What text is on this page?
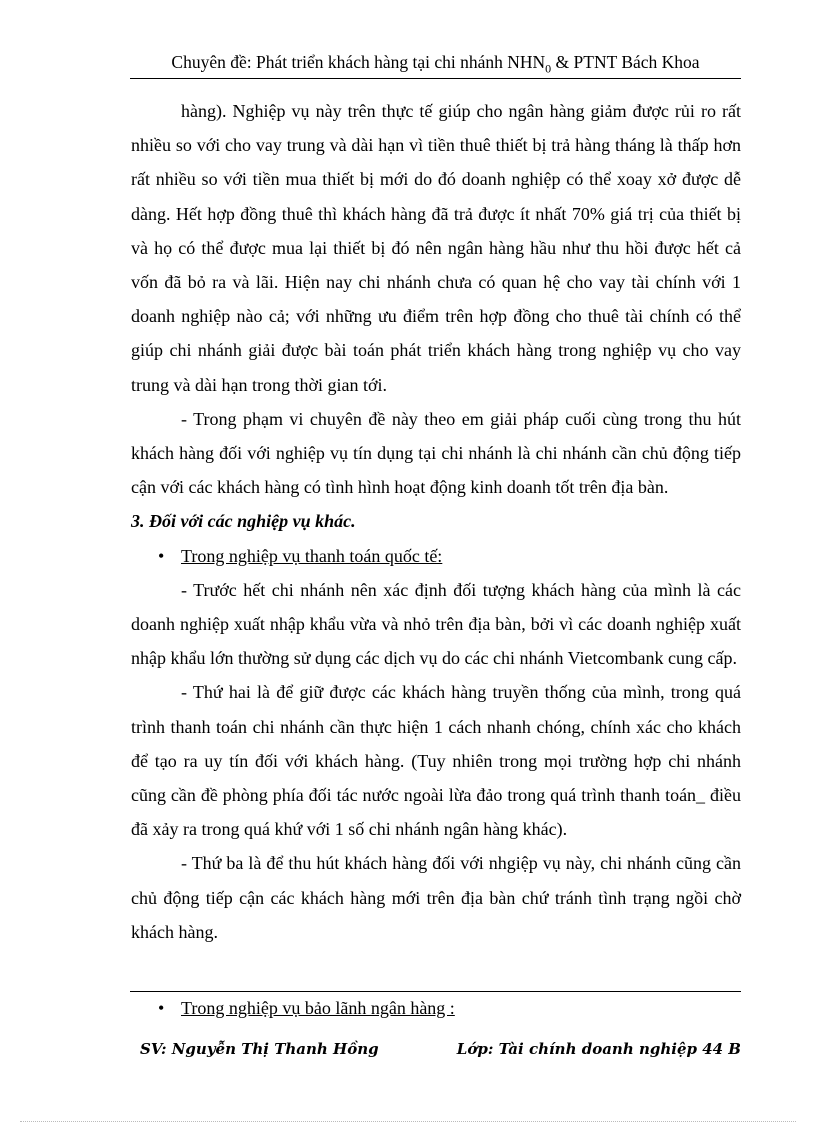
Chuyên đề: Phát triển khách hàng tại chi nhánh $NHN_0$ & PTNT Bách Khoa

hàng). Nghiệp vụ này trên thực tế giúp cho ngân hàng giảm được rủi ro rất nhiều so với cho vay trung và dài hạn vì tiền thuê thiết bị trả hàng tháng là thấp hơn rất nhiều so với tiền mua thiết bị mới do đó doanh nghiệp có thể xoay xở được dễ dàng. Hết hợp đồng thuê thì khách hàng đã trả được ít nhất 70% giá trị của thiết bị và họ có thể được mua lại thiết bị đó nên ngân hàng hầu như thu hồi được hết cả vốn đã bỏ ra và lãi. Hiện nay chi nhánh chưa có quan hệ cho vay tài chính với 1 doanh nghiệp nào cả; với những ưu điểm trên hợp đồng cho thuê tài chính có thể giúp chi nhánh giải được bài toán phát triển khách hàng trong nghiệp vụ cho vay trung và dài hạn trong thời gian tới.

- Trong phạm vi chuyên đề này theo em giải pháp cuối cùng trong thu hút khách hàng đối với nghiệp vụ tín dụng tại chi nhánh là chi nhánh cần chủ động tiếp cận với các khách hàng có tình hình hoạt động kinh doanh tốt trên địa bàn.

3. Đối với các nghiệp vụ khác.

• Trong nghiệp vụ thanh toán quốc tế:

- Trước hết chi nhánh nên xác định đối tượng khách hàng của mình là các doanh nghiệp xuất nhập khẩu vừa và nhỏ trên địa bàn, bởi vì các doanh nghiệp xuất nhập khẩu lớn thường sử dụng các dịch vụ do các chi nhánh Vietcombank cung cấp.

- Thứ hai là để giữ được các khách hàng truyền thống của mình, trong quá trình thanh toán chi nhánh cần thực hiện 1 cách nhanh chóng, chính xác cho khách để tạo ra uy tín đối với khách hàng. (Tuy nhiên trong mọi trường hợp chi nhánh cũng cần đề phòng phía đối tác nước ngoài lừa đảo trong quá trình thanh toán_ điều đã xảy ra trong quá khứ với 1 số chi nhánh ngân hàng khác).

- Thứ ba là để thu hút khách hàng đối với nhgiệp vụ này, chi nhánh cũng cần chủ động tiếp cận các khách hàng mới trên địa bàn chứ tránh tình trạng ngồi chờ khách hàng.

• Trong nghiệp vụ bảo lãnh ngân hàng :

SV: Nguyễn Thị Thanh Hồng	Lớp: Tài chính doanh nghiệp 44 B
